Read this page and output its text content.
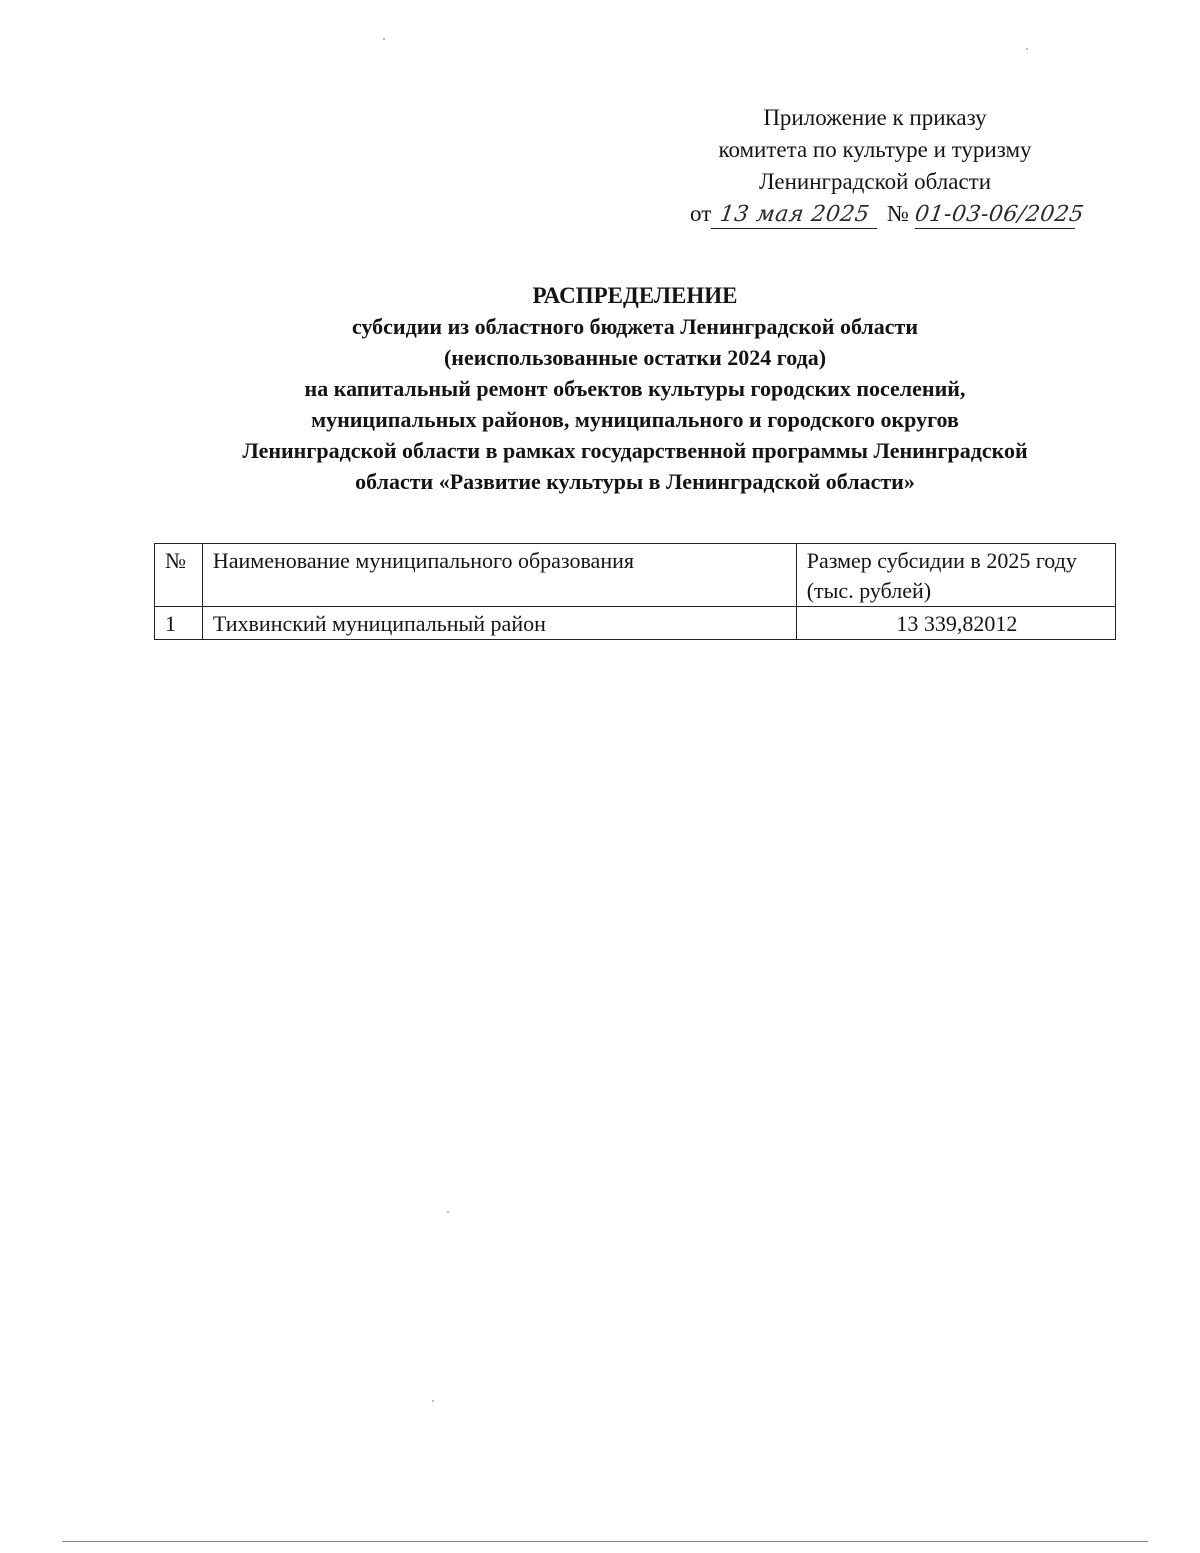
Приложение к приказу
комитета по культуре и туризму
Ленинградской области
от 13 мая 2025 № 01-03-06/2025
РАСПРЕДЕЛЕНИЕ
субсидии из областного бюджета Ленинградской области
(неиспользованные остатки 2024 года)
на капитальный ремонт объектов культуры городских поселений,
муниципальных районов, муниципального и городского округов
Ленинградской области в рамках государственной программы Ленинградской
области «Развитие культуры в Ленинградской области»
№	Наименование муниципального образования	Размер субсидии в 2025 году (тыс. рублей)
1	Тихвинский муниципальный район	13 339,82012
